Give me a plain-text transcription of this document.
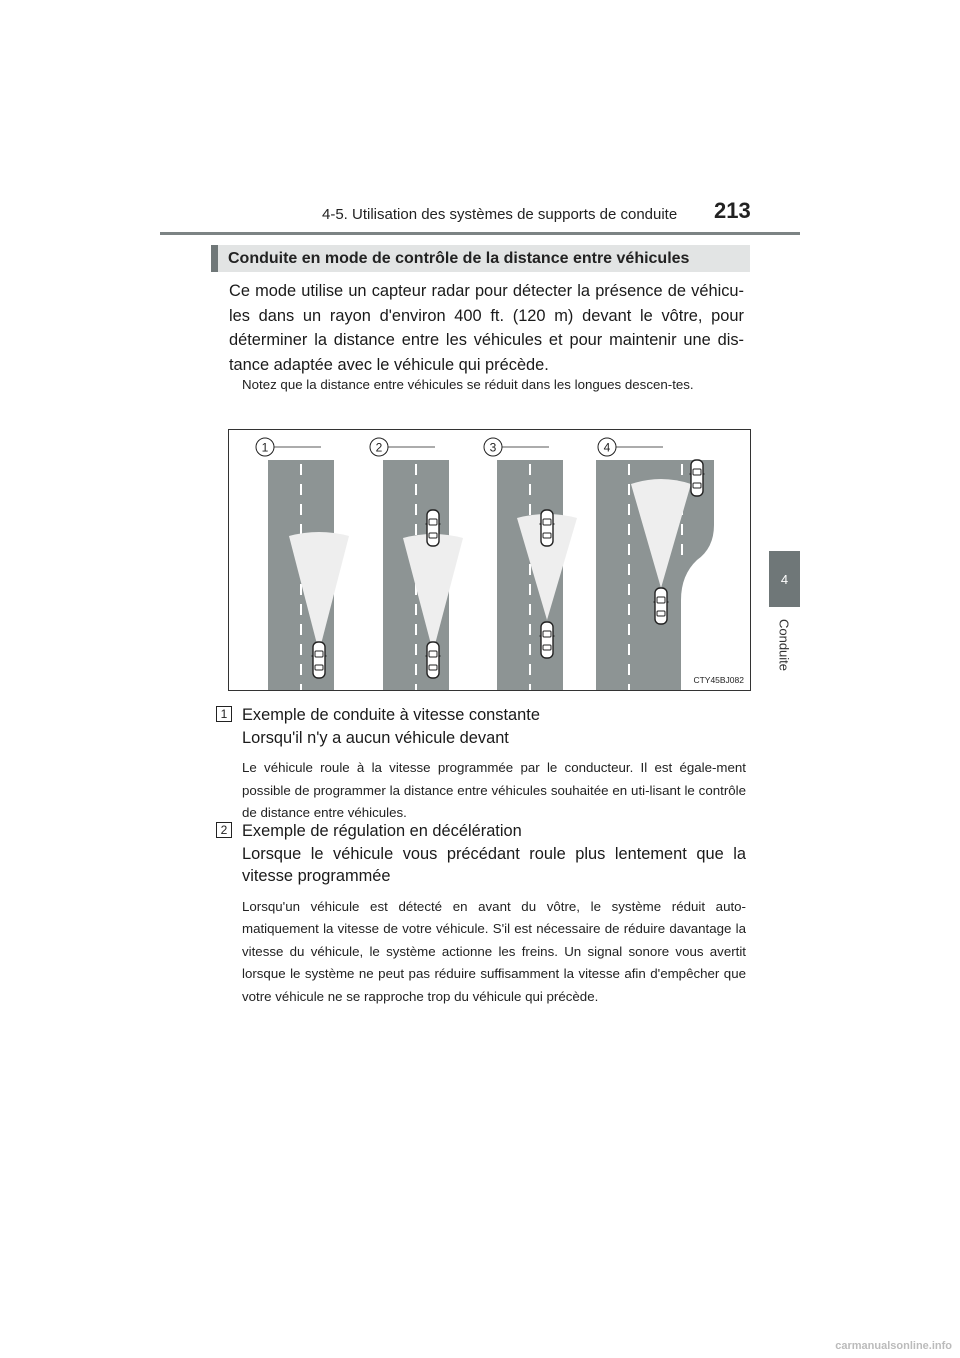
4-5. Utilisation des systèmes de supports de conduite 213
4
Conduite
Conduite en mode de contrôle de la distance entre véhicules

Ce mode utilise un capteur radar pour détecter la présence de véhicu-les dans un rayon d'environ 400 ft. (120 m) devant le vôtre, pour déterminer la distance entre les véhicules et pour maintenir une dis-tance adaptée avec le véhicule qui précède.

Notez que la distance entre véhicules se réduit dans les longues descen-tes.

1	2	3	4
CTY45BJ082
1 Exemple de conduite à vitesse constante
Lorsqu'il n'y a aucun véhicule devant

Le véhicule roule à la vitesse programmée par le conducteur. Il est égale-ment possible de programmer la distance entre véhicules souhaitée en uti-lisant le contrôle de distance entre véhicules.

2 Exemple de régulation en décélération
Lorsque le véhicule vous précédant roule plus lentement que la vitesse programmée

Lorsqu'un véhicule est détecté en avant du vôtre, le système réduit auto-matiquement la vitesse de votre véhicule. S'il est nécessaire de réduire davantage la vitesse du véhicule, le système actionne les freins. Un signal sonore vous avertit lorsque le système ne peut pas réduire suffisamment la vitesse afin d'empêcher que votre véhicule ne se rapproche trop du véhicule qui précède.

carmanualsonline.info
